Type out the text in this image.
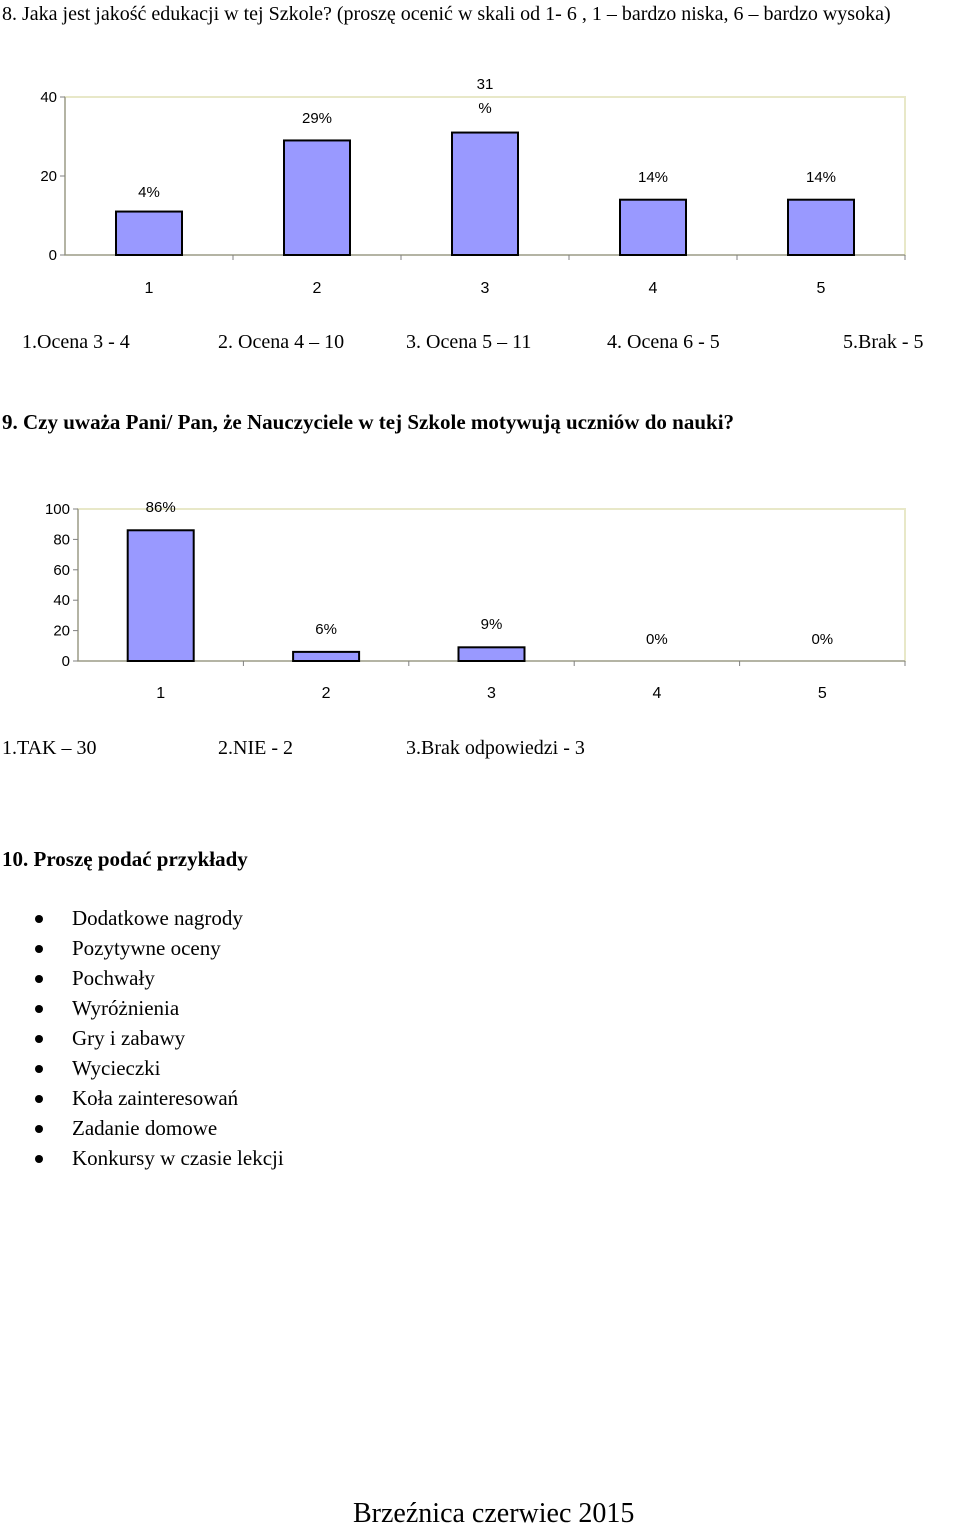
8. Jaka jest jakość edukacji w tej Szkole? (proszę ocenić w skali od 1- 6 , 1 – bardzo niska, 6 – bardzo wysoka)
0
20
40
1
4%
2
29%
3
31 %
4
14%
5
14%
1.Ocena 3 - 4	2. Ocena 4 – 10	3. Ocena 5 – 11	4. Ocena 6 - 5	5.Brak - 5
9. Czy uważa Pani/ Pan, że Nauczyciele w tej Szkole motywują uczniów do nauki?
0
20
40
60
80
100
1
86%
2
6%
3
9%
4
0%
5
0%
1.TAK – 30	2.NIE - 2	3.Brak odpowiedzi - 3
10. Proszę podać przykłady
Dodatkowe nagrody
Pozytywne oceny
Pochwały
Wyróżnienia
Gry i zabawy
Wycieczki
Koła zainteresowań
Zadanie domowe
Konkursy w czasie lekcji
Brzeźnica czerwiec 2015
